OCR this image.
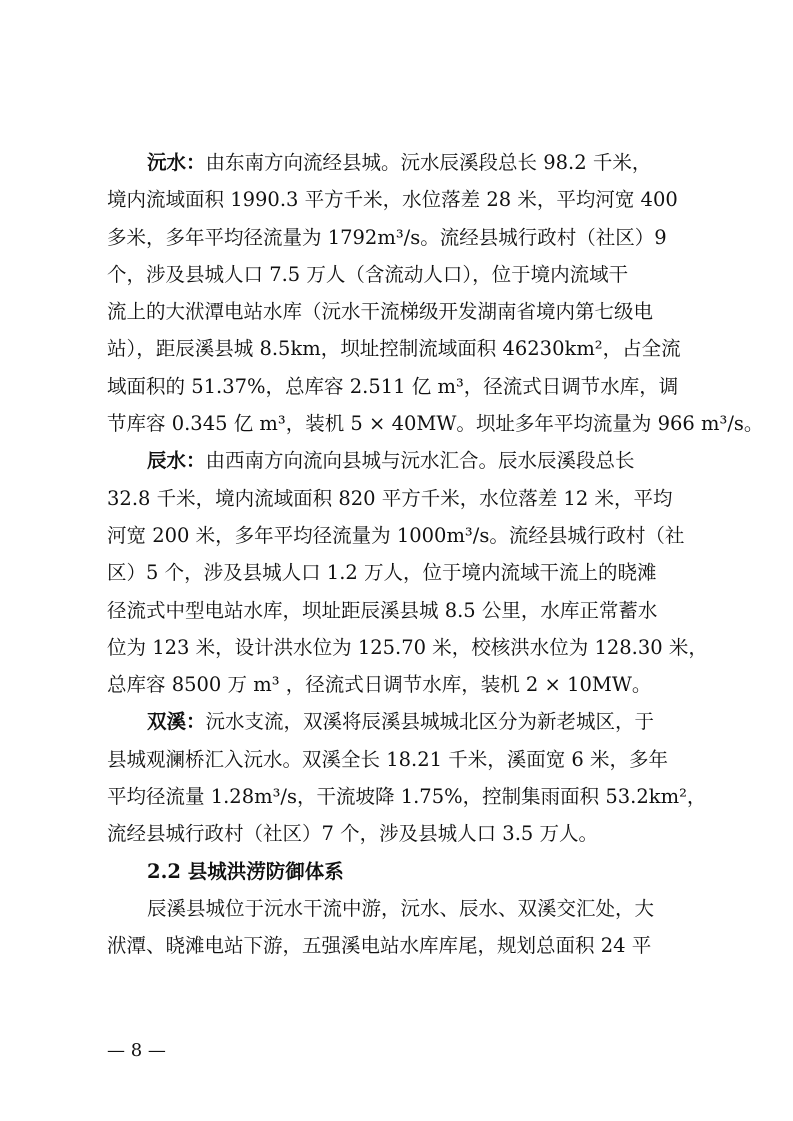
沅水：由东南方向流经县城。沅水辰溪段总长 98.2 千米，
境内流域面积 1990.3 平方千米，水位落差 28 米，平均河宽 400
多米，多年平均径流量为 1792m³/s。流经县城行政村（社区）9
个，涉及县城人口 7.5 万人（含流动人口），位于境内流域干
流上的大洑潭电站水库（沅水干流梯级开发湖南省境内第七级电
站），距辰溪县城 8.5km，坝址控制流域面积 46230km²，占全流
域面积的 51.37%，总库容 2.511 亿 m³，径流式日调节水库，调
节库容 0.345 亿 m³，装机 5 × 40MW。坝址多年平均流量为 966 m³/s。
辰水：由西南方向流向县城与沅水汇合。辰水辰溪段总长
32.8 千米，境内流域面积 820 平方千米，水位落差 12 米，平均
河宽 200 米，多年平均径流量为 1000m³/s。流经县城行政村（社
区）5 个，涉及县城人口 1.2 万人，位于境内流域干流上的晓滩
径流式中型电站水库，坝址距辰溪县城 8.5 公里，水库正常蓄水
位为 123 米，设计洪水位为 125.70 米，校核洪水位为 128.30 米，
总库容 8500 万 m³ ，径流式日调节水库，装机 2 × 10MW。
双溪：沅水支流，双溪将辰溪县城城北区分为新老城区，于
县城观澜桥汇入沅水。双溪全长 18.21 千米，溪面宽 6 米，多年
平均径流量 1.28m³/s，干流坡降 1.75%，控制集雨面积 53.2km²，
流经县城行政村（社区）7 个，涉及县城人口 3.5 万人。
2.2 县城洪涝防御体系
辰溪县城位于沅水干流中游，沅水、辰水、双溪交汇处，大
洑潭、晓滩电站下游，五强溪电站水库库尾，规划总面积 24 平
— 8 —
